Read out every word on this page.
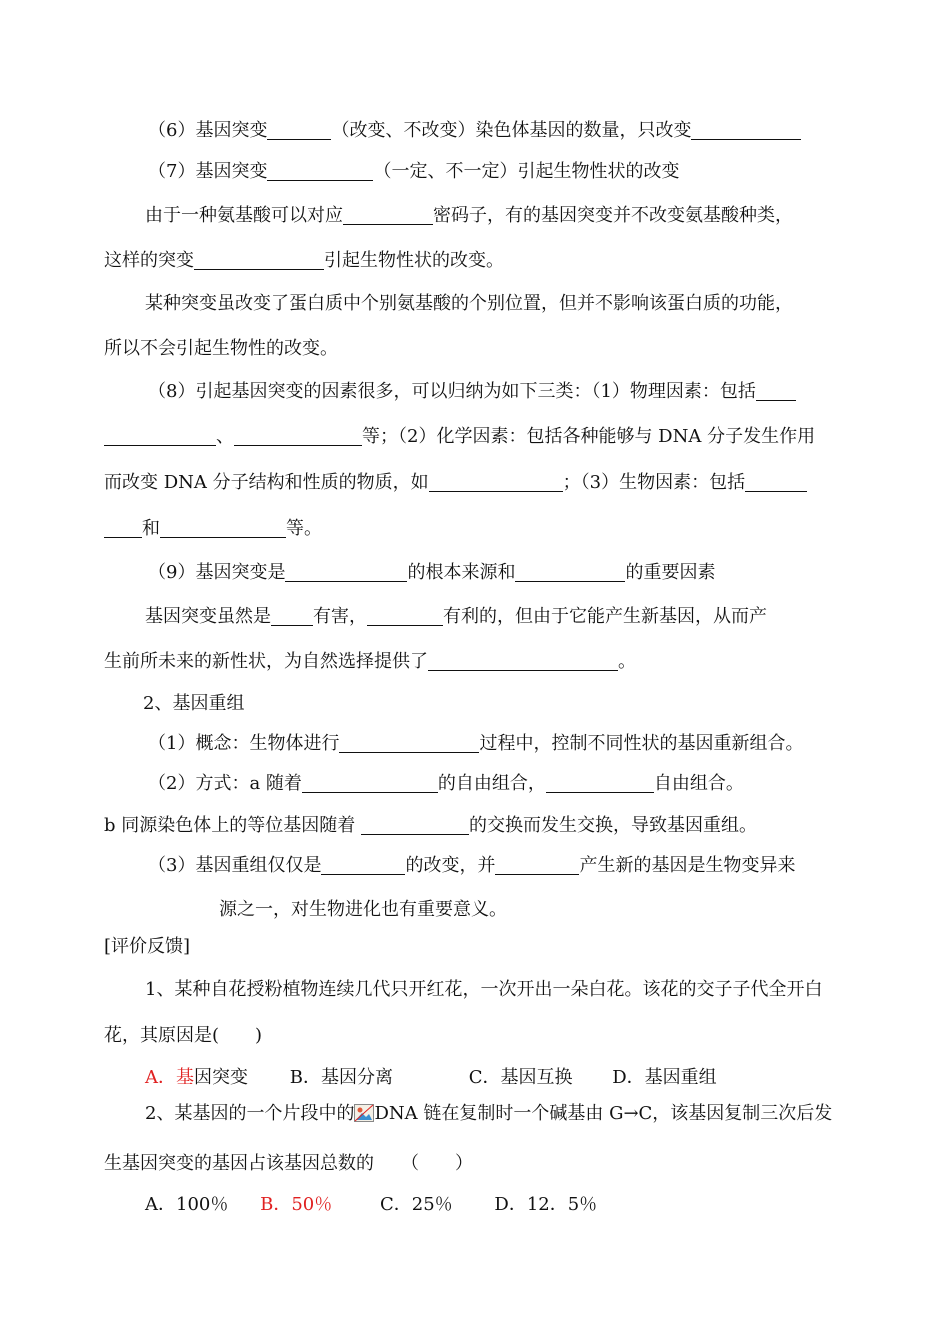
（6）基因突变	（改变、不改变）染色体基因的数量，只改变
（7）基因突变	（一定、不一定）引起生物性状的改变
由于一种氨基酸可以对应	密码子，有的基因突变并不改变氨基酸种类，
这样的突变	引起生物性状的改变。
某种突变虽改变了蛋白质中个别氨基酸的个别位置，但并不影响该蛋白质的功能，
所以不会引起生物性的改变。
（8）引起基因突变的因素很多，可以归纳为如下三类：（1）物理因素：包括
、	等；（2）化学因素：包括各种能够与 DNA 分子发生作用
而改变 DNA 分子结构和性质的物质，如	；（3）生物因素：包括
和	等。
（9）基因突变是	的根本来源和	的重要因素
基因突变虽然是 有害，	有利的，但由于它能产生新基因，从而产
生前所未来的新性状，为自然选择提供了	。
2、基因重组
（1）概念：生物体进行	过程中，控制不同性状的基因重新组合。
（2）方式：a 随着	的自由组合，	自由组合。
b 同源染色体上的等位基因随着	的交换而发生交换，导致基因重组。
（3）基因重组仅仅是	的改变，并	产生新的基因是生物变异来
源之一，对生物进化也有重要意义。
[评价反馈]
1、某种自花授粉植物连续几代只开红花，一次开出一朵白花。该花的交子子代全开白
花，其原因是(　　)
A．基因突变 B．基因分离	C．基因互换 D．基因重组
2、某基因的一个片段中的 DNA 链在复制时一个碱基由 G→C，该基因复制三次后发
生基因突变的基因占该基因总数的　　（　　）
A．100％ B．50％	C．25％ D．12．5％
